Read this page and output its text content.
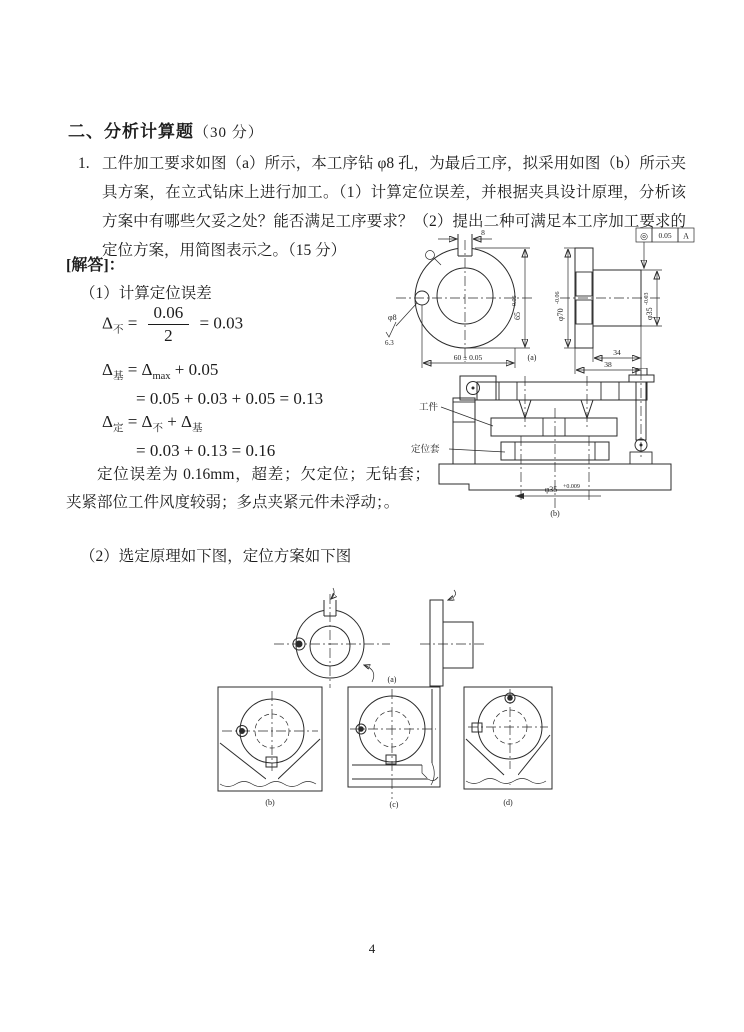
二、分析计算题（30 分）
1. 工件加工要求如图（a）所示，本工序钻 φ8 孔，为最后工序，拟采用如图（b）所示夹具方案，在立式钻床上进行加工。（1）计算定位误差，并根据夹具设计原理，分析该方案中有哪些欠妥之处？能否满足工序要求？（2）提出二种可满足本工序加工要求的定位方案，用简图表示之。（15 分）
[解答]：
（1）计算定位误差
$\Delta_不 = \frac{0.06}{2} = 0.03$
$\Delta_基 = \Delta_{max} + 0.05$
= 0.05 + 0.03 + 0.05 = 0.13
$\Delta_定 = \Delta_不 + \Delta_基$
= 0.03 + 0.13 = 0.16
定位误差为 0.16mm，超差；欠定位；无钻套；夹紧部位工件风度较弱；多点夹紧元件未浮动；。
（2）选定原理如下图，定位方案如下图
8
φ8
6.3
65
-0.06
60 ± 0.05
φ70
-0.06
φ35
-0.03
◎ 0.05 A
34
38
(a)
工件
定位套
φ35 +0.009
(b)
(a)
(b)	(c)	(d)
4
